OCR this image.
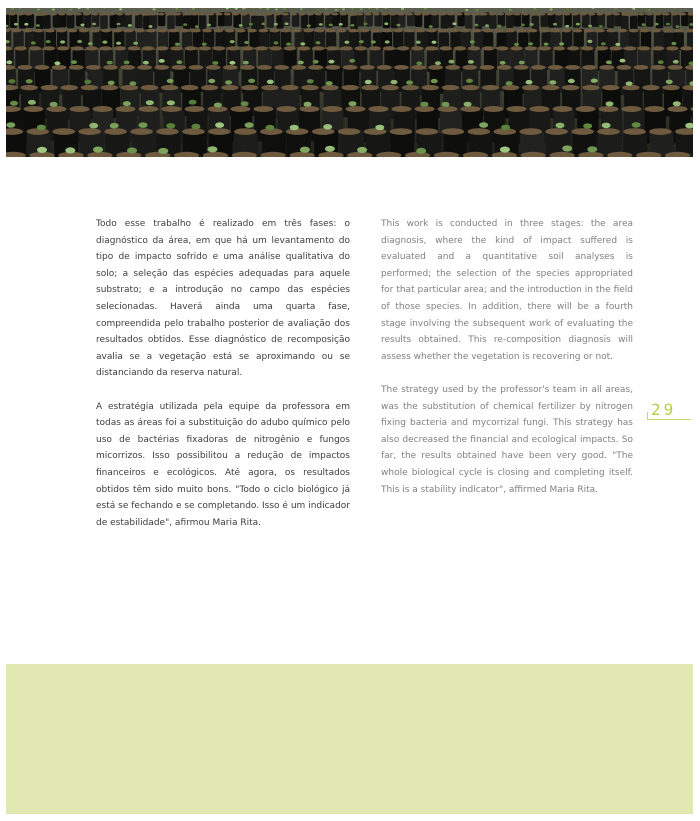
Todo esse trabalho é realizado em três fases: o diagnóstico da área, em que há um levantamento do tipo de impacto sofrido e uma análise qualitativa do solo; a seleção das espécies adequadas para aquele substrato; e a introdução no campo das espécies selecionadas. Haverá ainda uma quarta fase, compreendida pelo trabalho posterior de avaliação dos resultados obtidos. Esse diagnóstico de recomposição avalia se a vegetação está se aproximando ou se distanciando da reserva natural.

A estratégia utilizada pela equipe da professora em todas as áreas foi a substituição do adubo químico pelo uso de bactérias fixadoras de nitrogênio e fungos micorrizos. Isso possibilitou a redução de impactos financeiros e ecológicos. Até agora, os resultados obtidos têm sido muito bons. "Todo o ciclo biológico já está se fechando e se completando. Isso é um indicador de estabilidade", afirmou Maria Rita.

This work is conducted in three stages: the area diagnosis, where the kind of impact suffered is evaluated and a quantitative soil analyses is performed; the selection of the species appropriated for that particular area; and the introduction in the field of those species. In addition, there will be a fourth stage involving the subsequent work of evaluating the results obtained. This re-composition diagnosis will assess whether the vegetation is recovering or not.

The strategy used by the professor's team in all areas, was the substitution of chemical fertilizer by nitrogen fixing bacteria and mycorrizal fungi. This strategy has also decreased the financial and ecological impacts. So far, the results obtained have been very good. "The whole biological cycle is closing and completing itself. This is a stability indicator", affirmed Maria Rita.

29
